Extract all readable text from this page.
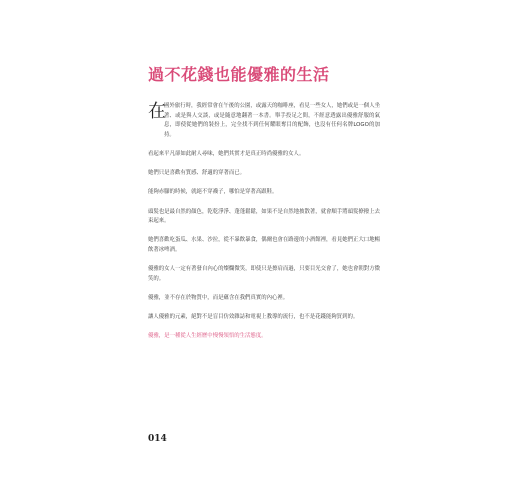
過不花錢也能優雅的生活
在
國外旅行時，我經常會在午後的公園，或露天的咖啡座，看見一些女人，她們或是一個人坐著、或是與人交談，或是隨意地翻著一本書。舉手投足之間，不經意透露出優雅舒服的氣息，即使從她們的裝扮上，完全找不到任何耀眼奪目的配飾，也沒有任何名牌LOGO的加持。

看起來平凡卻如此耐人尋味，她們其實才是真正時尚優雅的女人。

她們只是喜歡有質感、舒適的穿著而已。

能夠赤腳的時候，就絕不穿襪子，哪怕是穿著高跟鞋。

頭髮也是最自然的顏色，乾乾淨淨、蓬蓬鬆鬆，如果不是自然地披散著，就會順手將頭髮撩撥上去束起來。

她們喜歡吃蛋瓜、水果、沙拉，從不暴飲暴食，偶爾也會在路邊的小酒館裡，看見她們正大口地暢飲著冰啤酒。

優雅的女人一定有著發自內心的燦爛微笑，即使只是擦肩而過，只要目光交會了，她也會朝對方微笑的。

優雅，並不存在於物質中，而是蘊含在我們真實的內心裡。

讓人優雅的元素，絕對不是盲目仿效雜誌和電視上教導的流行，也不是花錢能夠買到的。

優雅，是一種從人生經歷中慢慢領悟的生活態度。

014
